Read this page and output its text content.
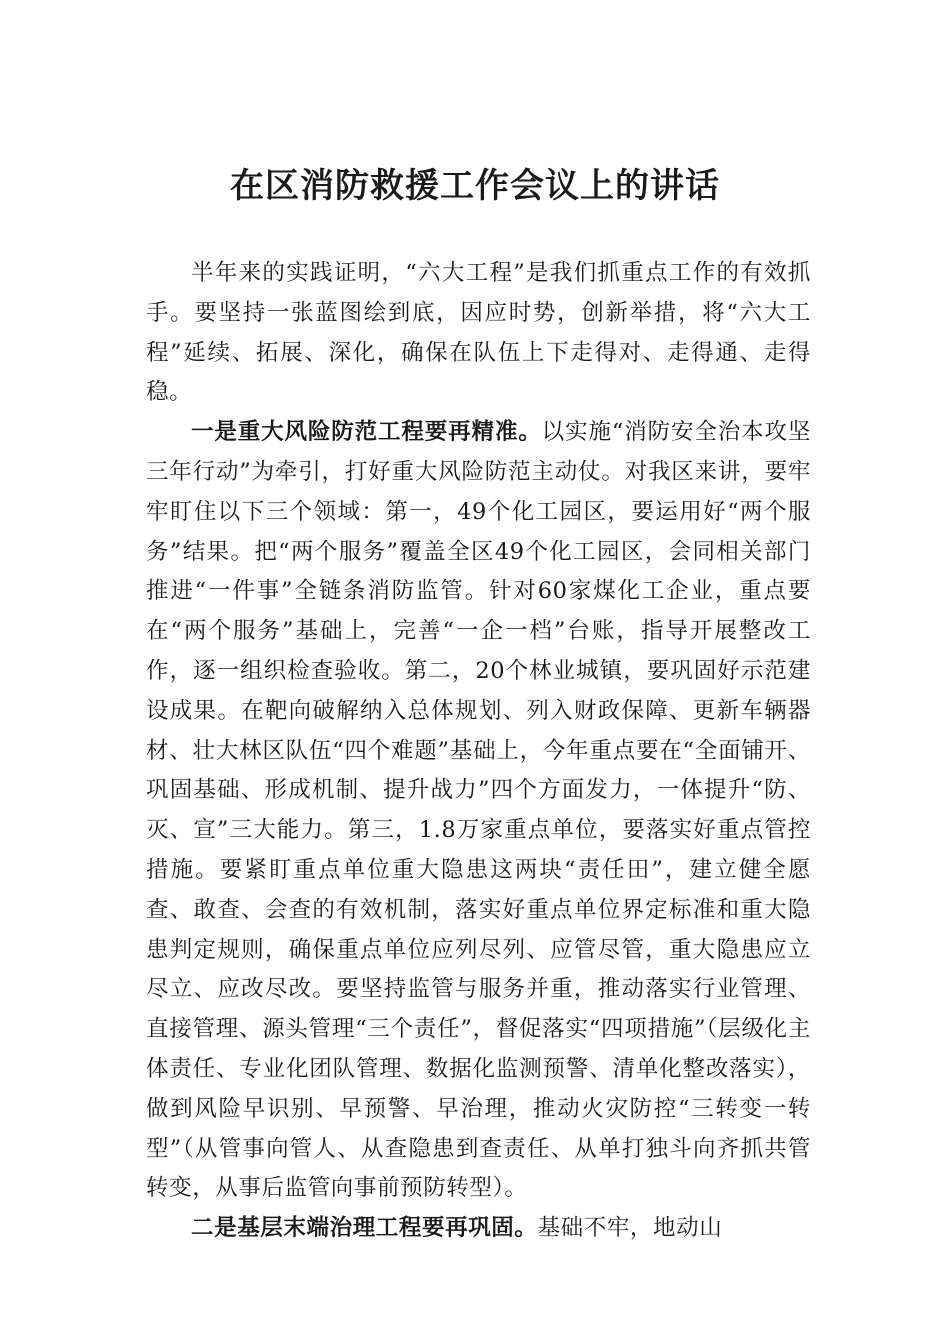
在区消防救援工作会议上的讲话

半年来的实践证明，“六大工程”是我们抓重点工作的有效抓手。要坚持一张蓝图绘到底，因应时势，创新举措，将“六大工程”延续、拓展、深化，确保在队伍上下走得对、走得通、走得稳。

一是重大风险防范工程要再精准。以实施“消防安全治本攻坚三年行动”为牵引，打好重大风险防范主动仗。对我区来讲，要牢牢盯住以下三个领域：第一，49个化工园区，要运用好“两个服务”结果。把“两个服务”覆盖全区49个化工园区，会同相关部门推进“一件事”全链条消防监管。针对60家煤化工企业，重点要在“两个服务”基础上，完善“一企一档”台账，指导开展整改工作，逐一组织检查验收。第二，20个林业城镇，要巩固好示范建设成果。在靶向破解纳入总体规划、列入财政保障、更新车辆器材、壮大林区队伍“四个难题”基础上，今年重点要在“全面铺开、巩固基础、形成机制、提升战力”四个方面发力，一体提升“防、灭、宣”三大能力。第三，1.8万家重点单位，要落实好重点管控措施。要紧盯重点单位重大隐患这两块“责任田”，建立健全愿查、敢查、会查的有效机制，落实好重点单位界定标准和重大隐患判定规则，确保重点单位应列尽列、应管尽管，重大隐患应立尽立、应改尽改。要坚持监管与服务并重，推动落实行业管理、直接管理、源头管理“三个责任”，督促落实“四项措施”（层级化主体责任、专业化团队管理、数据化监测预警、清单化整改落实），做到风险早识别、早预警、早治理，推动火灾防控“三转变一转型”（从管事向管人、从查隐患到查责任、从单打独斗向齐抓共管转变，从事后监管向事前预防转型）。

二是基层末端治理工程要再巩固。基础不牢，地动山
